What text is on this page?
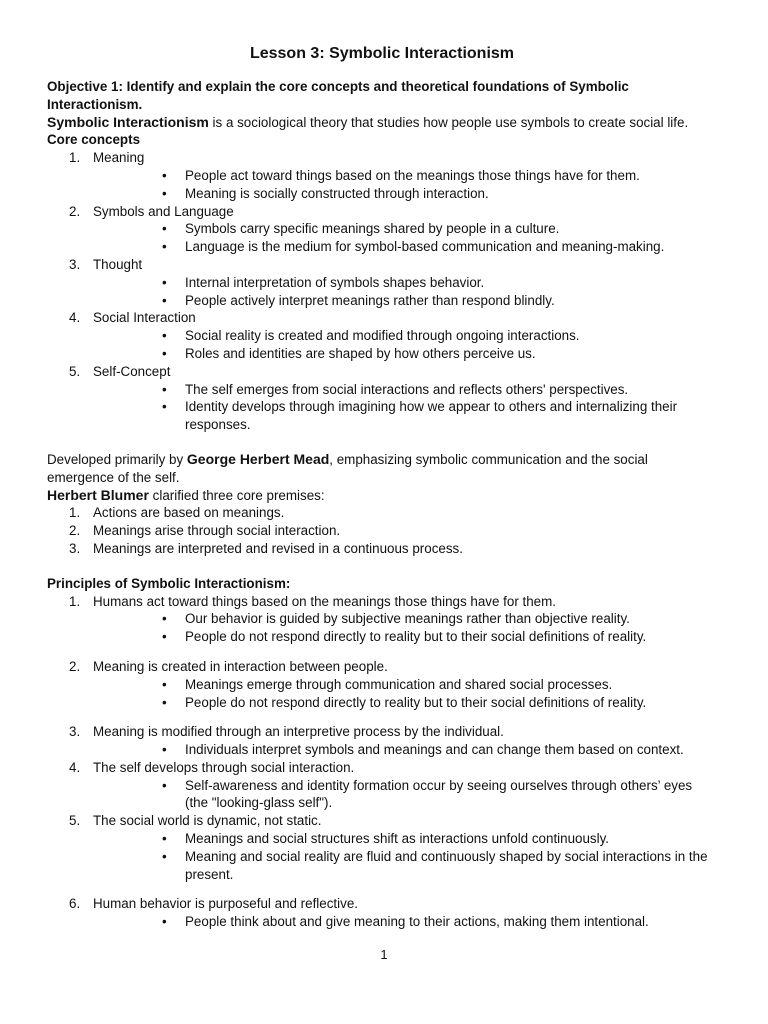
Lesson 3: Symbolic Interactionism

Objective 1: Identify and explain the core concepts and theoretical foundations of Symbolic Interactionism.

Symbolic Interactionism is a sociological theory that studies how people use symbols to create social life.

Core concepts

1. Meaning
• People act toward things based on the meanings those things have for them.
• Meaning is socially constructed through interaction.
2. Symbols and Language
• Symbols carry specific meanings shared by people in a culture.
• Language is the medium for symbol-based communication and meaning-making.
3. Thought
• Internal interpretation of symbols shapes behavior.
• People actively interpret meanings rather than respond blindly.
4. Social Interaction
• Social reality is created and modified through ongoing interactions.
• Roles and identities are shaped by how others perceive us.
5. Self-Concept
• The self emerges from social interactions and reflects others' perspectives.
• Identity develops through imagining how we appear to others and internalizing their responses.

Developed primarily by George Herbert Mead, emphasizing symbolic communication and the social emergence of the self.

Herbert Blumer clarified three core premises:

1. Actions are based on meanings.
2. Meanings arise through social interaction.
3. Meanings are interpreted and revised in a continuous process.

Principles of Symbolic Interactionism:

1. Humans act toward things based on the meanings those things have for them.
• Our behavior is guided by subjective meanings rather than objective reality.
• People do not respond directly to reality but to their social definitions of reality.
2. Meaning is created in interaction between people.
• Meanings emerge through communication and shared social processes.
• People do not respond directly to reality but to their social definitions of reality.
3. Meaning is modified through an interpretive process by the individual.
• Individuals interpret symbols and meanings and can change them based on context.
4. The self develops through social interaction.
• Self-awareness and identity formation occur by seeing ourselves through others’ eyes (the "looking-glass self").
5. The social world is dynamic, not static.
• Meanings and social structures shift as interactions unfold continuously.
• Meaning and social reality are fluid and continuously shaped by social interactions in the present.
6. Human behavior is purposeful and reflective.
• People think about and give meaning to their actions, making them intentional.
1
